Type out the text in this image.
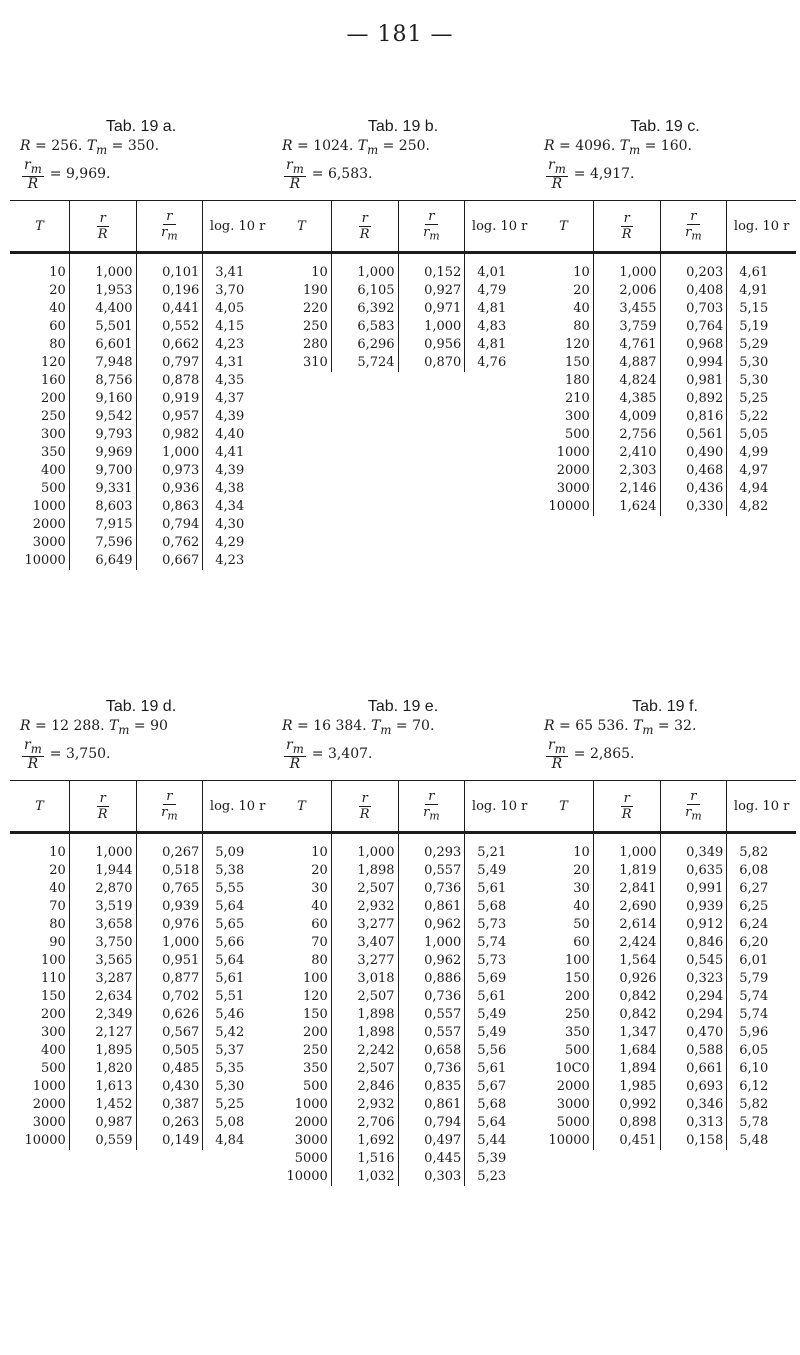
— 181 —
Tab. 19 a.
R = 256. $T_m = 350$.
$\frac{r_m}{R} = 9,969$.
T	$\frac{r}{R}$	$\frac{r}{r_m}$	log. 10 r
10	1,000	0,101	3,41
20	1,953	0,196	3,70
40	4,400	0,441	4,05
60	5,501	0,552	4,15
80	6,601	0,662	4,23
120	7,948	0,797	4,31
160	8,756	0,878	4,35
200	9,160	0,919	4,37
250	9,542	0,957	4,39
300	9,793	0,982	4,40
350	9,969	1,000	4,41
400	9,700	0,973	4,39
500	9,331	0,936	4,38
1000	8,603	0,863	4,34
2000	7,915	0,794	4,30
3000	7,596	0,762	4,29
10000	6,649	0,667	4,23
Tab. 19 b.
R = 1024. $T_m = 250$.
$\frac{r_m}{R} = 6,583$.
T	$\frac{r}{R}$	$\frac{r}{r_m}$	log. 10 r
10	1,000	0,152	4,01
190	6,105	0,927	4,79
220	6,392	0,971	4,81
250	6,583	1,000	4,83
280	6,296	0,956	4,81
310	5,724	0,870	4,76
Tab. 19 c.
R = 4096. $T_m = 160$.
$\frac{r_m}{R} = 4,917$.
T	$\frac{r}{R}$	$\frac{r}{r_m}$	log. 10 r
10	1,000	0,203	4,61
20	2,006	0,408	4,91
40	3,455	0,703	5,15
80	3,759	0,764	5,19
120	4,761	0,968	5,29
150	4,887	0,994	5,30
180	4,824	0,981	5,30
210	4,385	0,892	5,25
300	4,009	0,816	5,22
500	2,756	0,561	5,05
1000	2,410	0,490	4,99
2000	2,303	0,468	4,97
3000	2,146	0,436	4,94
10000	1,624	0,330	4,82
Tab. 19 d.
R = 12 288. $T_m = 90$
$\frac{r_m}{R} = 3,750$.
T	$\frac{r}{R}$	$\frac{r}{r_m}$	log. 10 r
10	1,000	0,267	5,09
20	1,944	0,518	5,38
40	2,870	0,765	5,55
70	3,519	0,939	5,64
80	3,658	0,976	5,65
90	3,750	1,000	5,66
100	3,565	0,951	5,64
110	3,287	0,877	5,61
150	2,634	0,702	5,51
200	2,349	0,626	5,46
300	2,127	0,567	5,42
400	1,895	0,505	5,37
500	1,820	0,485	5,35
1000	1,613	0,430	5,30
2000	1,452	0,387	5,25
3000	0,987	0,263	5,08
10000	0,559	0,149	4,84
Tab. 19 e.
R = 16 384. $T_m = 70$.
$\frac{r_m}{R} = 3,407$.
T	$\frac{r}{R}$	$\frac{r}{r_m}$	log. 10 r
10	1,000	0,293	5,21
20	1,898	0,557	5,49
30	2,507	0,736	5,61
40	2,932	0,861	5,68
60	3,277	0,962	5,73
70	3,407	1,000	5,74
80	3,277	0,962	5,73
100	3,018	0,886	5,69
120	2,507	0,736	5,61
150	1,898	0,557	5,49
200	1,898	0,557	5,49
250	2,242	0,658	5,56
350	2,507	0,736	5,61
500	2,846	0,835	5,67
1000	2,932	0,861	5,68
2000	2,706	0,794	5,64
3000	1,692	0,497	5,44
5000	1,516	0,445	5,39
10000	1,032	0,303	5,23
Tab. 19 f.
R = 65 536. $T_m = 32$.
$\frac{r_m}{R} = 2,865$.
T	$\frac{r}{R}$	$\frac{r}{r_m}$	log. 10 r
10	1,000	0,349	5,82
20	1,819	0,635	6,08
30	2,841	0,991	6,27
40	2,690	0,939	6,25
50	2,614	0,912	6,24
60	2,424	0,846	6,20
100	1,564	0,545	6,01
150	0,926	0,323	5,79
200	0,842	0,294	5,74
250	0,842	0,294	5,74
350	1,347	0,470	5,96
500	1,684	0,588	6,05
10C0	1,894	0,661	6,10
2000	1,985	0,693	6,12
3000	0,992	0,346	5,82
5000	0,898	0,313	5,78
10000	0,451	0,158	5,48
